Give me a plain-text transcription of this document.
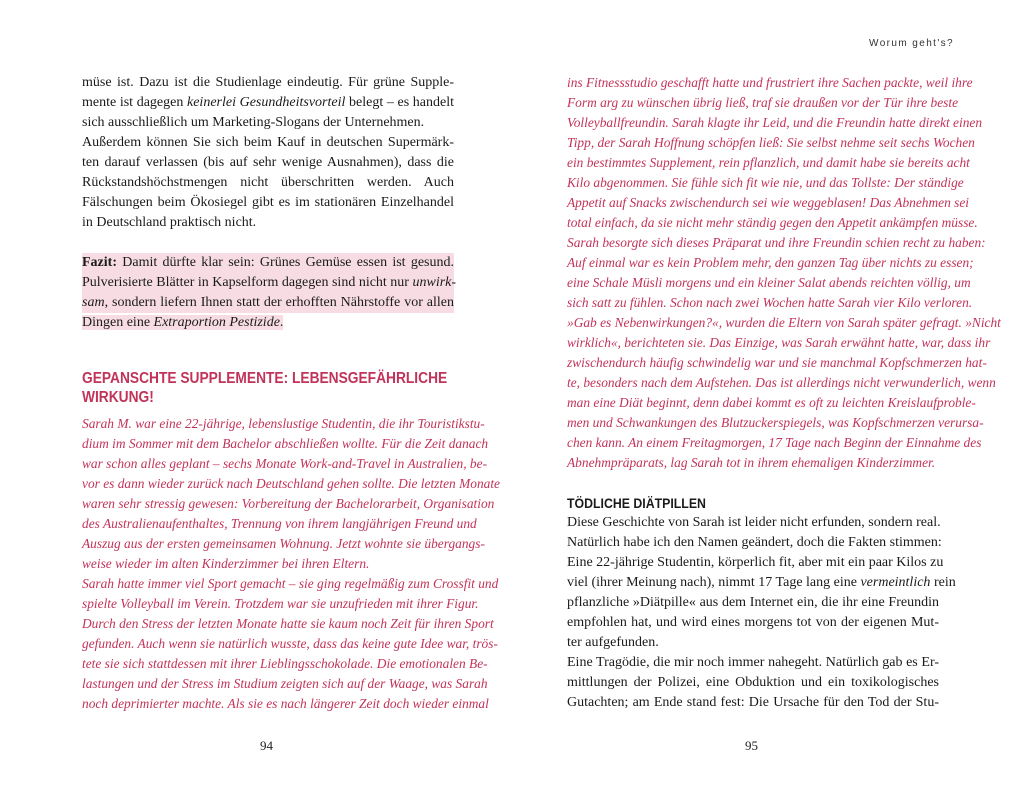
Worum geht's?
müse ist. Dazu ist die Studienlage eindeutig. Für grüne Supple-
mente ist dagegen keinerlei Gesundheitsvorteil belegt – es handelt
sich ausschließlich um Marketing-Slogans der Unternehmen.
Außerdem können Sie sich beim Kauf in deutschen Supermärk-
ten darauf verlassen (bis auf sehr wenige Ausnahmen), dass die
Rückstandshöchstmengen nicht überschritten werden. Auch
Fälschungen beim Ökosiegel gibt es im stationären Einzelhandel
in Deutschland praktisch nicht.
Fazit: Damit dürfte klar sein: Grünes Gemüse essen ist gesund.
Pulverisierte Blätter in Kapselform dagegen sind nicht nur unwirk-
sam, sondern liefern Ihnen statt der erhofften Nährstoffe vor allen
Dingen eine Extraportion Pestizide.
GEPANSCHTE SUPPLEMENTE: LEBENSGEFÄHRLICHE
WIRKUNG!
Sarah M. war eine 22-jährige, lebenslustige Studentin, die ihr Touristikstu-
dium im Sommer mit dem Bachelor abschließen wollte. Für die Zeit danach
war schon alles geplant – sechs Monate Work-and-Travel in Australien, be-
vor es dann wieder zurück nach Deutschland gehen sollte. Die letzten Monate
waren sehr stressig gewesen: Vorbereitung der Bachelorarbeit, Organisation
des Australienaufenthaltes, Trennung von ihrem langjährigen Freund und
Auszug aus der ersten gemeinsamen Wohnung. Jetzt wohnte sie übergangs-
weise wieder im alten Kinderzimmer bei ihren Eltern.
Sarah hatte immer viel Sport gemacht – sie ging regelmäßig zum Crossfit und
spielte Volleyball im Verein. Trotzdem war sie unzufrieden mit ihrer Figur.
Durch den Stress der letzten Monate hatte sie kaum noch Zeit für ihren Sport
gefunden. Auch wenn sie natürlich wusste, dass das keine gute Idee war, trös-
tete sie sich stattdessen mit ihrer Lieblingsschokolade. Die emotionalen Be-
lastungen und der Stress im Studium zeigten sich auf der Waage, was Sarah
noch deprimierter machte. Als sie es nach längerer Zeit doch wieder einmal
94
ins Fitnessstudio geschafft hatte und frustriert ihre Sachen packte, weil ihre
Form arg zu wünschen übrig ließ, traf sie draußen vor der Tür ihre beste
Volleyballfreundin. Sarah klagte ihr Leid, und die Freundin hatte direkt einen
Tipp, der Sarah Hoffnung schöpfen ließ: Sie selbst nehme seit sechs Wochen
ein bestimmtes Supplement, rein pflanzlich, und damit habe sie bereits acht
Kilo abgenommen. Sie fühle sich fit wie nie, und das Tollste: Der ständige
Appetit auf Snacks zwischendurch sei wie weggeblasen! Das Abnehmen sei
total einfach, da sie nicht mehr ständig gegen den Appetit ankämpfen müsse.
Sarah besorgte sich dieses Präparat und ihre Freundin schien recht zu haben:
Auf einmal war es kein Problem mehr, den ganzen Tag über nichts zu essen;
eine Schale Müsli morgens und ein kleiner Salat abends reichten völlig, um
sich satt zu fühlen. Schon nach zwei Wochen hatte Sarah vier Kilo verloren.
»Gab es Nebenwirkungen?«, wurden die Eltern von Sarah später gefragt. »Nicht
wirklich«, berichteten sie. Das Einzige, was Sarah erwähnt hatte, war, dass ihr
zwischendurch häufig schwindelig war und sie manchmal Kopfschmerzen hat-
te, besonders nach dem Aufstehen. Das ist allerdings nicht verwunderlich, wenn
man eine Diät beginnt, denn dabei kommt es oft zu leichten Kreislaufproble-
men und Schwankungen des Blutzuckerspiegels, was Kopfschmerzen verursa-
chen kann. An einem Freitagmorgen, 17 Tage nach Beginn der Einnahme des
Abnehmpräparats, lag Sarah tot in ihrem ehemaligen Kinderzimmer.
TÖDLICHE DIÄTPILLEN
Diese Geschichte von Sarah ist leider nicht erfunden, sondern real.
Natürlich habe ich den Namen geändert, doch die Fakten stimmen:
Eine 22-jährige Studentin, körperlich fit, aber mit ein paar Kilos zu
viel (ihrer Meinung nach), nimmt 17 Tage lang eine vermeintlich rein
pflanzliche »Diätpille« aus dem Internet ein, die ihr eine Freundin
empfohlen hat, und wird eines morgens tot von der eigenen Mut-
ter aufgefunden.
Eine Tragödie, die mir noch immer nahegeht. Natürlich gab es Er-
mittlungen der Polizei, eine Obduktion und ein toxikologisches
Gutachten; am Ende stand fest: Die Ursache für den Tod der Stu-
95
